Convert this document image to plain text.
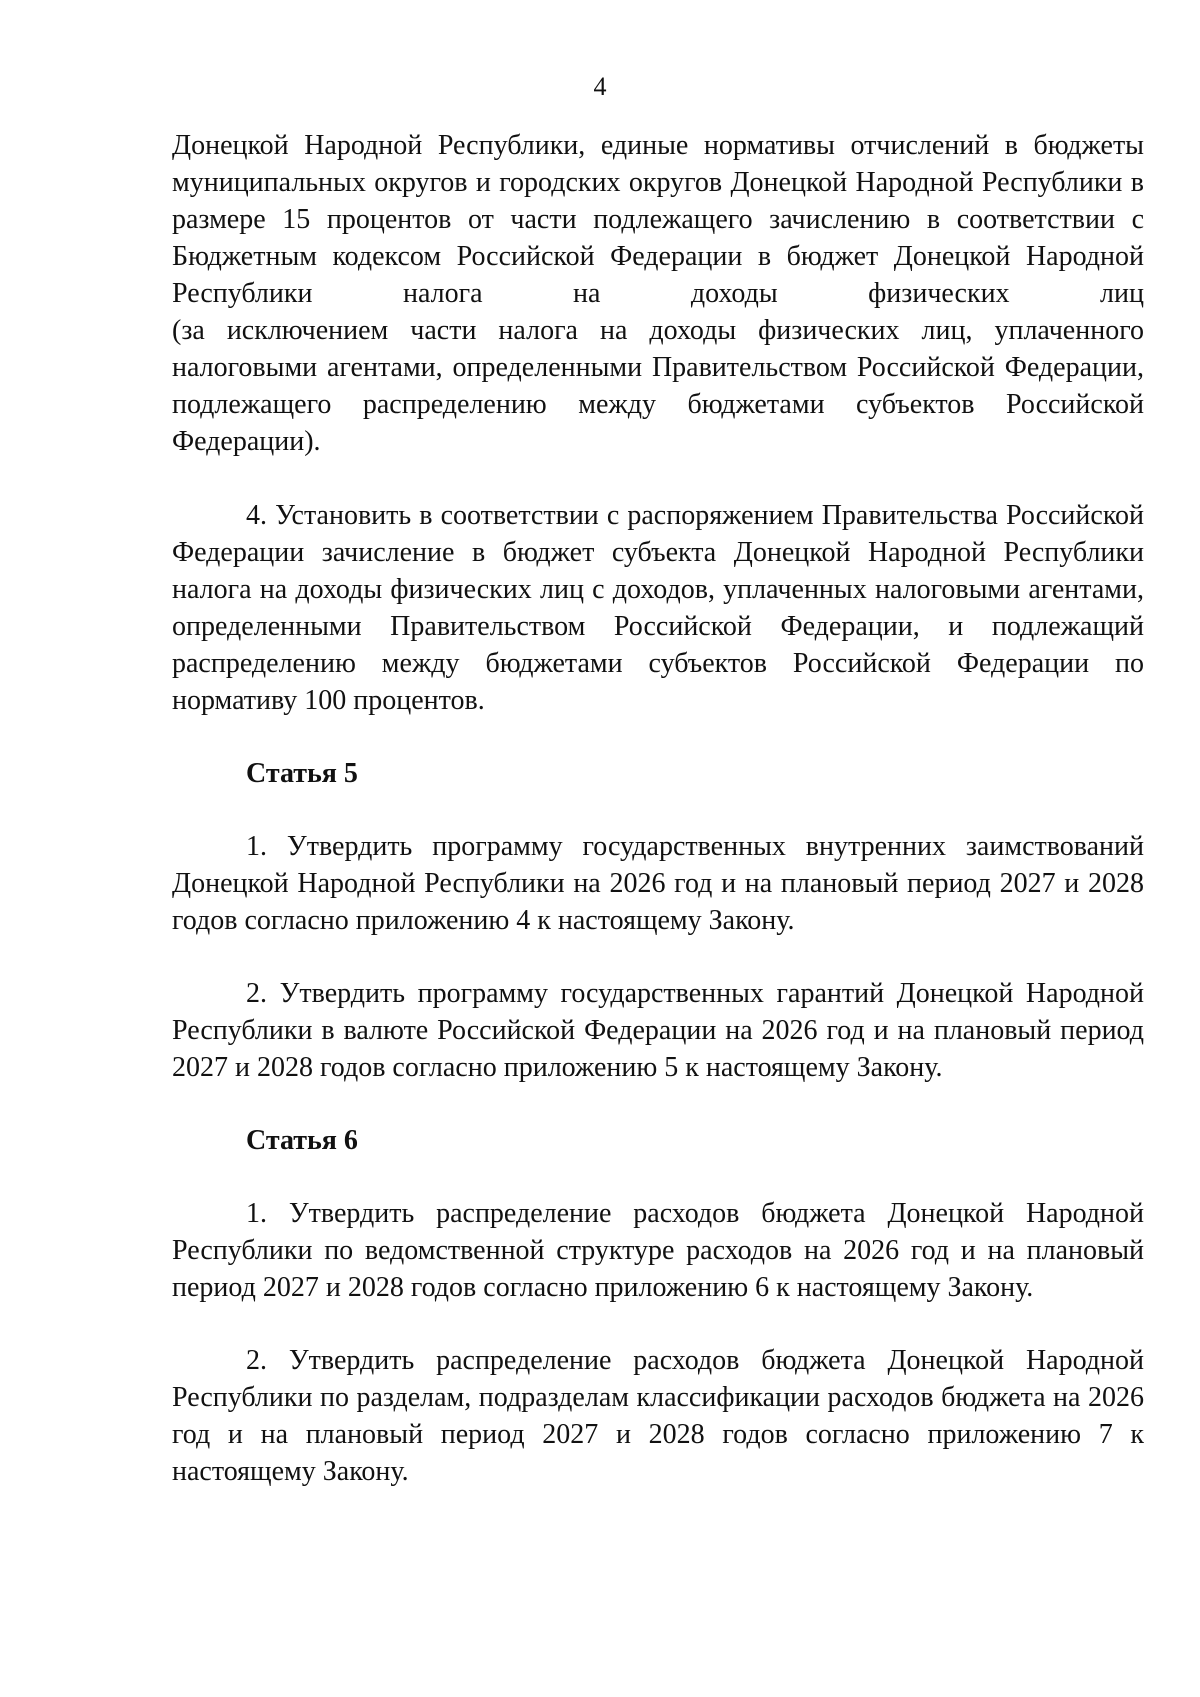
4

Донецкой Народной Республики, единые нормативы отчислений в бюджеты

муниципальных округов и городских округов Донецкой Народной Республики в

размере 15 процентов от части подлежащего зачислению в соответствии с

Бюджетным кодексом Российской Федерации в бюджет Донецкой Народной

Республики налога на доходы физических лиц

(за исключением части налога на доходы физических лиц, уплаченного

налоговыми агентами, определенными Правительством Российской Федерации,

подлежащего распределению между бюджетами субъектов Российской

Федерации).

4. Установить в соответствии с распоряжением Правительства Российской Федерации зачисление в бюджет субъекта Донецкой Народной Республики налога на доходы физических лиц с доходов, уплаченных налоговыми агентами, определенными Правительством Российской Федерации, и подлежащий распределению между бюджетами субъектов Российской Федерации по нормативу 100 процентов.

Статья 5

1. Утвердить программу государственных внутренних заимствований Донецкой Народной Республики на 2026 год и на плановый период 2027 и 2028 годов согласно приложению 4 к настоящему Закону.

2. Утвердить программу государственных гарантий Донецкой Народной Республики в валюте Российской Федерации на 2026 год и на плановый период 2027 и 2028 годов согласно приложению 5 к настоящему Закону.

Статья 6

1. Утвердить распределение расходов бюджета Донецкой Народной Республики по ведомственной структуре расходов на 2026 год и на плановый период 2027 и 2028 годов согласно приложению 6 к настоящему Закону.

2. Утвердить распределение расходов бюджета Донецкой Народной Республики по разделам, подразделам классификации расходов бюджета на 2026 год и на плановый период 2027 и 2028 годов согласно приложению 7 к настоящему Закону.
